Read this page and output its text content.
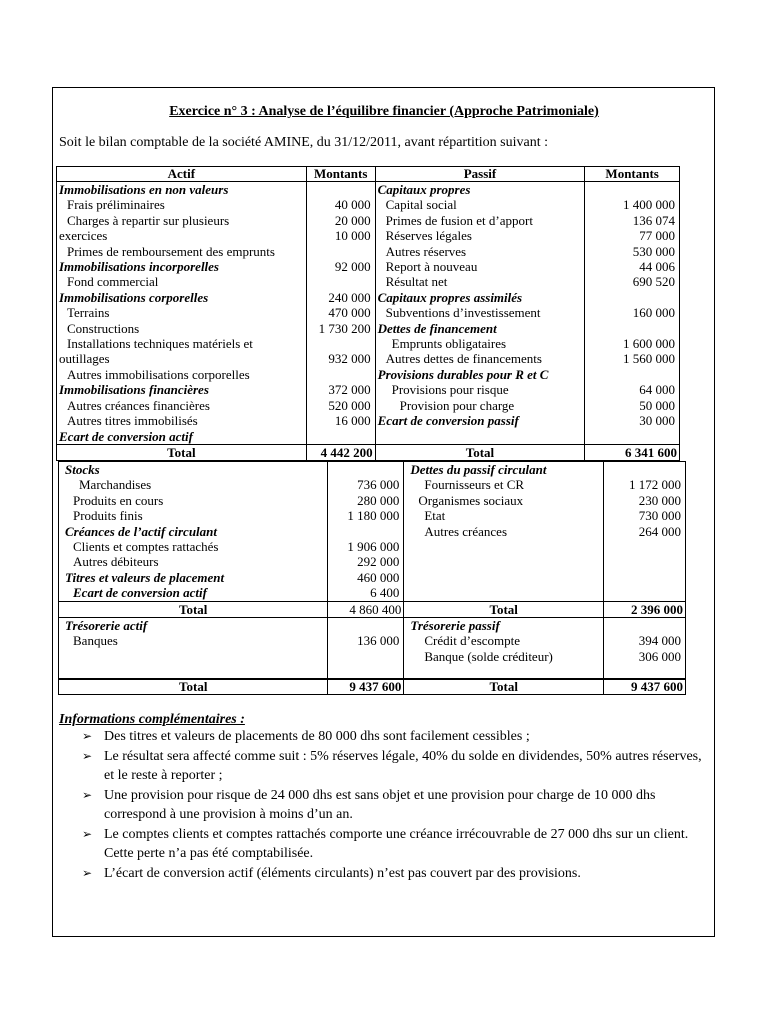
Exercice n° 3 : Analyse de l’équilibre financier (Approche Patrimoniale)
Soit le bilan comptable de la société AMINE, du 31/12/2011, avant répartition suivant :
Actif	Montants	Passif	Montants
Immobilisations en non valeurs		Capitaux propres	
Frais préliminaires	40 000	Capital social	1 400 000
Charges à repartir sur plusieurs	20 000	Primes de fusion et d’apport	136 074
exercices	10 000	Réserves légales	77 000
Primes de remboursement des emprunts		Autres réserves	530 000
Immobilisations incorporelles	92 000	Report à nouveau	44 006
Fond commercial		Résultat net	690 520
Immobilisations corporelles	240 000	Capitaux propres assimilés	
Terrains	470 000	Subventions d’investissement	160 000
Constructions	1 730 200	Dettes de financement	
Installations techniques matériels et		Emprunts obligataires	1 600 000
outillages	932 000	Autres dettes de financements	1 560 000
Autres immobilisations corporelles		Provisions durables pour R et C	
Immobilisations financières	372 000	Provisions pour risque	64 000
Autres créances financières	520 000	Provision pour charge	50 000
Autres titres immobilisés	16 000	Ecart de conversion passif	30 000
Ecart de conversion actif			
Total	4 442 200	Total	6 341 600
Stocks		Dettes du passif circulant	
Marchandises	736 000	Fournisseurs et CR	1 172 000
Produits en cours	280 000	Organismes sociaux	230 000
Produits finis	1 180 000	Etat	730 000
Créances de l’actif circulant		Autres créances	264 000
Clients et comptes rattachés	1 906 000		
Autres débiteurs	292 000		
Titres et valeurs de placement	460 000		
Ecart de conversion actif	6 400		
Total	4 860 400	Total	2 396 000
Trésorerie actif		Trésorerie passif	
Banques	136 000	Crédit d’escompte	394 000
		Banque (solde créditeur)	306 000
Total	9 437 600	Total	9 437 600
Informations complémentaires :
➢ Des titres et valeurs de placements de 80 000 dhs sont facilement cessibles ;
➢ Le résultat sera affecté comme suit : 5% réserves légale, 40% du solde en dividendes, 50% autres réserves, et le reste à reporter ;
➢ Une provision pour risque de 24 000 dhs est sans objet et une provision pour charge de 10 000 dhs correspond à une provision à moins d’un an.
➢ Le comptes clients et comptes rattachés comporte une créance irrécouvrable de 27 000 dhs sur un client. Cette perte n’a pas été comptabilisée.
➢ L’écart de conversion actif (éléments circulants) n’est pas couvert par des provisions.
